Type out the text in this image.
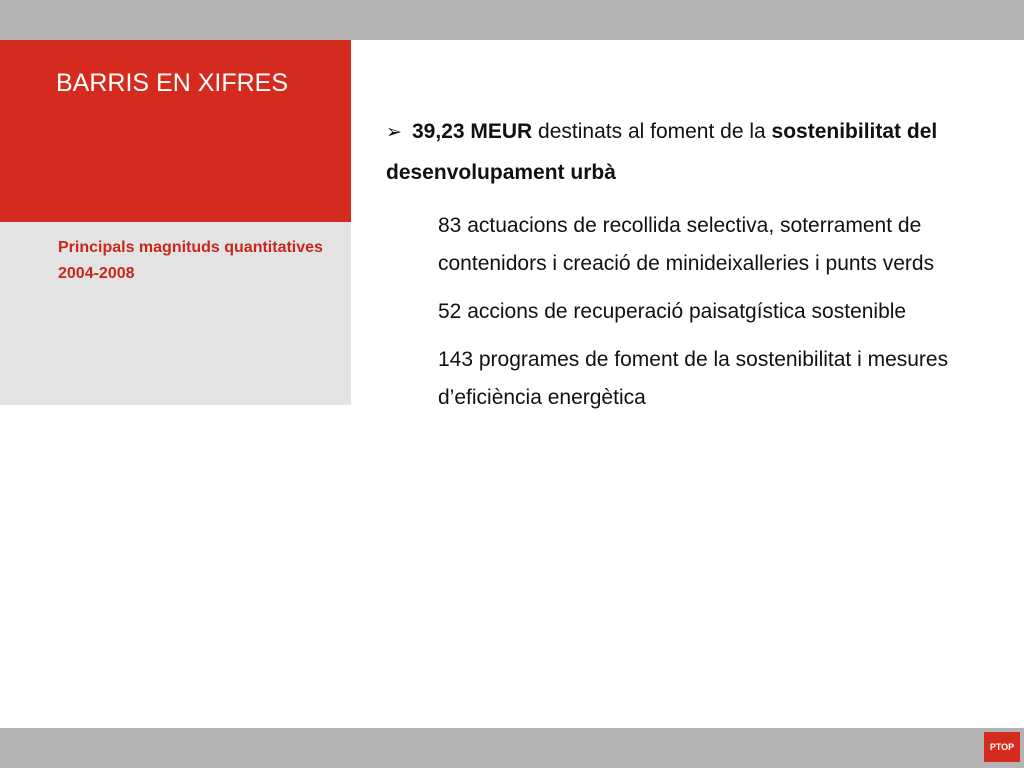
BARRIS EN XIFRES
Principals magnituds quantitatives 2004-2008

➢ 39,23 MEUR destinats al foment de la sostenibilitat del desenvolupament urbà

83 actuacions de recollida selectiva, soterrament de contenidors i creació de minideixalleries i punts verds
52 accions de recuperació paisatgística sostenible
143 programes de foment de la sostenibilitat i mesures d’eficiència energètica
PTOP
